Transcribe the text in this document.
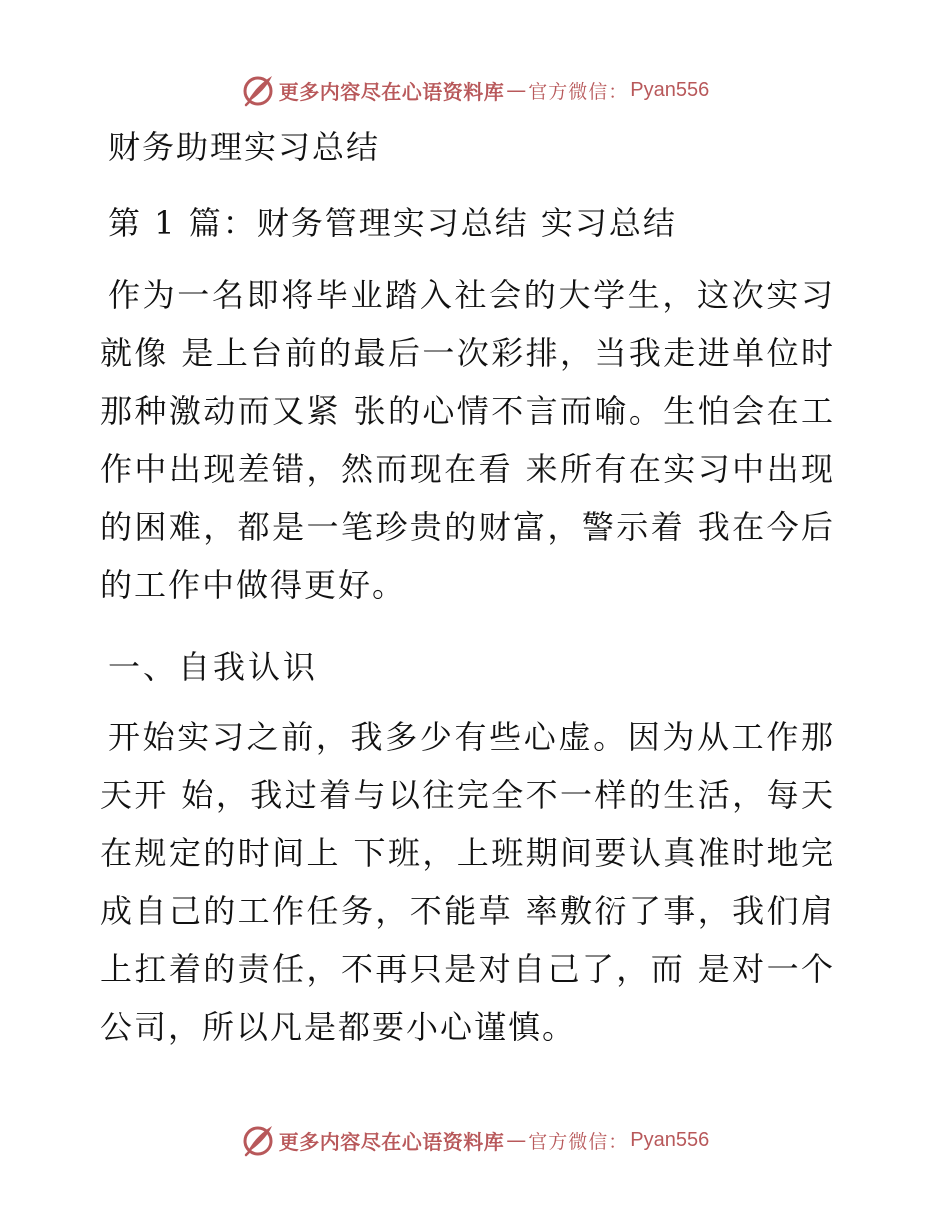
更多内容尽在心语资料库 — 官方微信： Pyan556
财务助理实习总结
第 1 篇：财务管理实习总结 实习总结

作为一名即将毕业踏入社会的大学生，这次实习就像 是上台前的最后一次彩排，当我走进单位时那种激动而又紧 张的心情不言而喻。生怕会在工作中出现差错，然而现在看 来所有在实习中出现的困难，都是一笔珍贵的财富，警示着 我在今后的工作中做得更好。

一、自我认识

开始实习之前，我多少有些心虚。因为从工作那天开 始，我过着与以往完全不一样的生活，每天在规定的时间上 下班，上班期间要认真准时地完成自己的工作任务，不能草 率敷衍了事，我们肩上扛着的责任，不再只是对自己了，而 是对一个公司，所以凡是都要小心谨慎。

更多内容尽在心语资料库 — 官方微信： Pyan556
